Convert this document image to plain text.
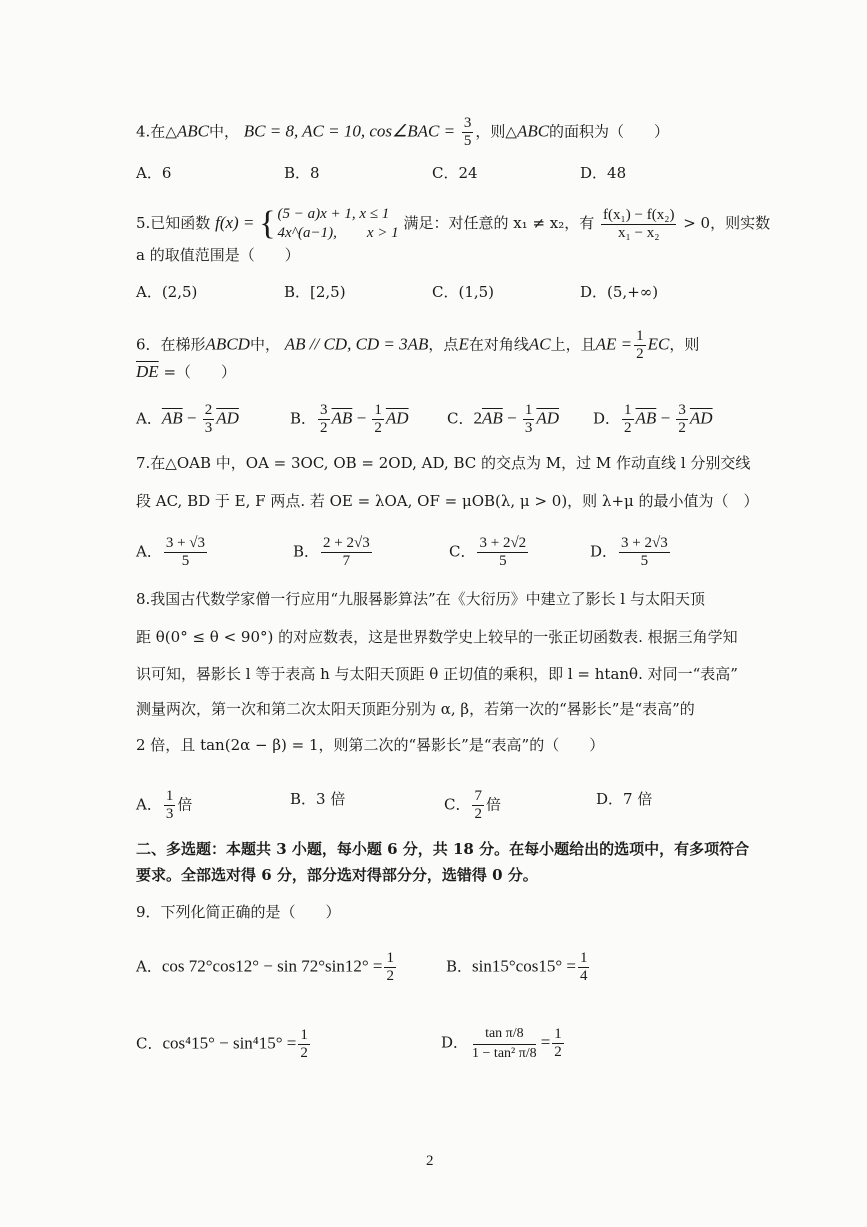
4.在△ABC中， BC = 8, AC = 10, cos∠BAC = $\frac{3}{5}$ ，则△ABC的面积为（　　）
A．6	B．8	C．24	D．48
5.已知函数 f(x) = { (5 − a)x + 1, x ≤ 1
4x^(a−1),　　x > 1
满足：对任意的 x₁ ≠ x₂，有 $\frac{\text{f(x₁) − f(x₂)}}{\text{x₁ − x₂}} > 0$，则实数
a 的取值范围是（　　）
A．(2,5)	B．[2,5)	C．(1,5)	D．(5,+∞)
6．在梯形ABCD中， AB // CD, CD = 3AB，点E在对角线AC上，且AE = $\frac{1}{2}$ EC，则
$\overline{DE}$ =（　　）
A．$\overline{AB} - \frac{2}{3} \overline{AD}$	B． $\frac{3}{2} \overline{AB} - \frac{1}{2} \overline{AD}$	C．$2\overline{AB} - \frac{1}{3} \overline{AD}$ D． $\frac{1}{2} \overline{AB} - \frac{3}{2} \overline{AD}$
7.在△OAB 中，OA = 3OC, OB = 2OD, AD, BC 的交点为 M，过 M 作动直线 l 分别交线
段 AC, BD 于 E, F 两点. 若 OE = λOA, OF = μOB(λ, μ > 0)，则 λ+μ 的最小值为（　）
A． $\frac{3 + √3}{5}$	B． $\frac{2 + 2√3}{7}$	C． $\frac{3 + 2√2}{5}$	D． $\frac{3 + 2√3}{5}$
8.我国古代数学家僧一行应用“九服晷影算法”在《大衍历》中建立了影长 l 与太阳天顶
距 θ(0° ≤ θ < 90°) 的对应数表，这是世界数学史上较早的一张正切函数表. 根据三角学知
识可知，晷影长 l 等于表高 h 与太阳天顶距 θ 正切值的乘积，即 l = htanθ. 对同一“表高”
测量两次，第一次和第二次太阳天顶距分别为 α, β，若第一次的“晷影长”是“表高”的
2 倍，且 tan(2α − β) = 1，则第二次的“晷影长”是“表高”的（　　）
A． $\frac{1}{3}$ 倍	B．3 倍	C． $\frac{7}{2}$ 倍	D．7 倍
二、多选题：本题共 3 小题，每小题 6 分，共 18 分。在每小题给出的选项中，有多项符合
要求。全部选对得 6 分，部分选对得部分分，选错得 0 分。
9．下列化简正确的是（　　）
A．$\cos 72^\circ\cos 12^\circ - \sin 72^\circ\sin 12^\circ = \frac{1}{2}$	B．$\sin 15^\circ\cos 15^\circ = \frac{1}{4}$
C．$\cos^415^\circ - \sin^415^\circ = \frac{1}{2}$	D． $\frac{\text{tan π/8}}{\text{1 − tan² π/8}} = \frac{1}{2}$
2
